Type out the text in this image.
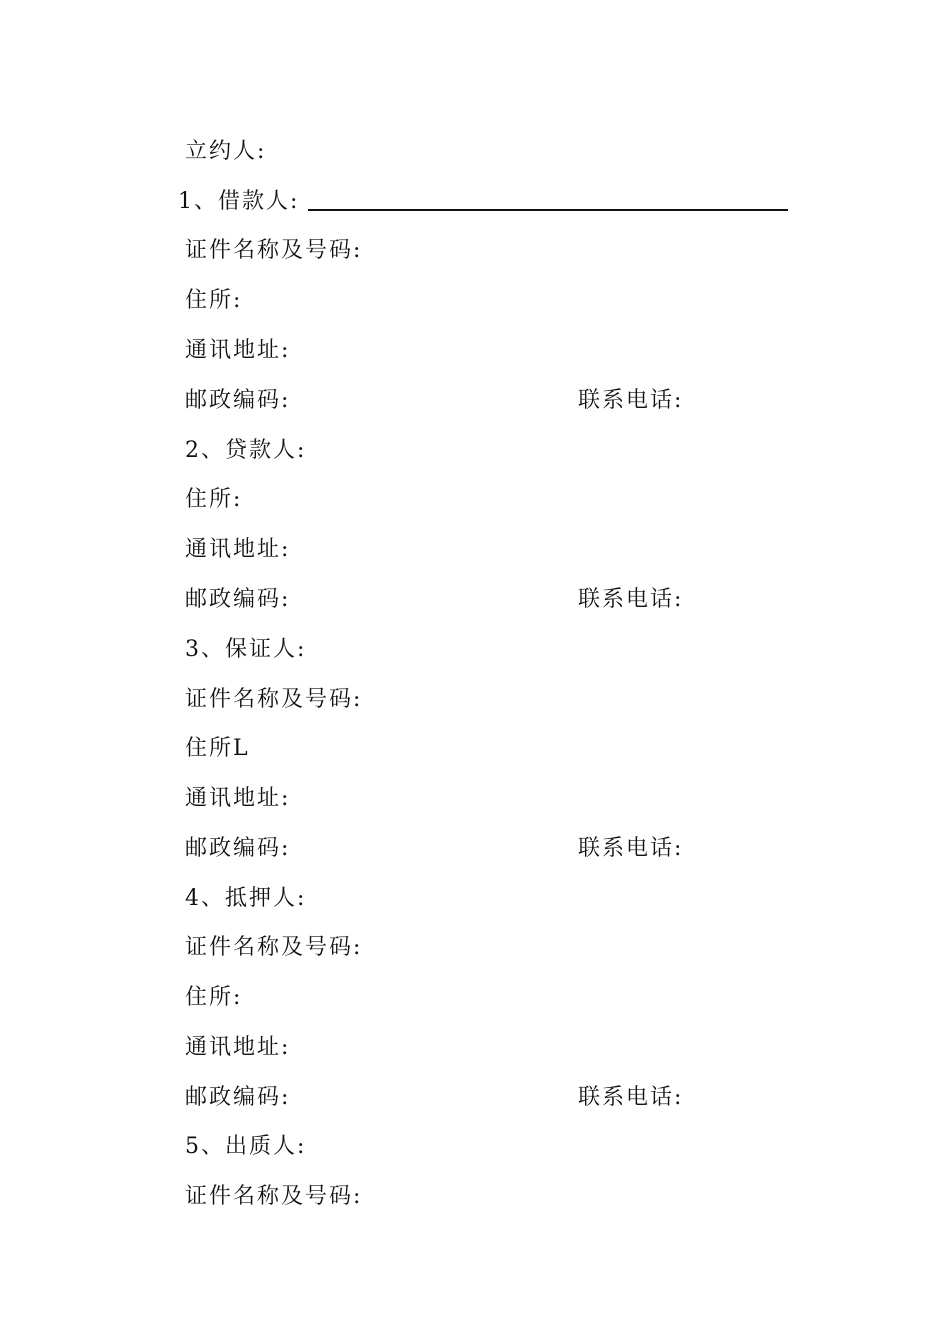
立约人:
1、借款人:
证件名称及号码:
住所:
通讯地址:
邮政编码:	联系电话:
2、贷款人:
住所:
通讯地址:
邮政编码:	联系电话:
3、保证人:
证件名称及号码:
住所L
通讯地址:
邮政编码:	联系电话:
4、抵押人:
证件名称及号码:
住所:
通讯地址:
邮政编码:	联系电话:
5、出质人:
证件名称及号码:
